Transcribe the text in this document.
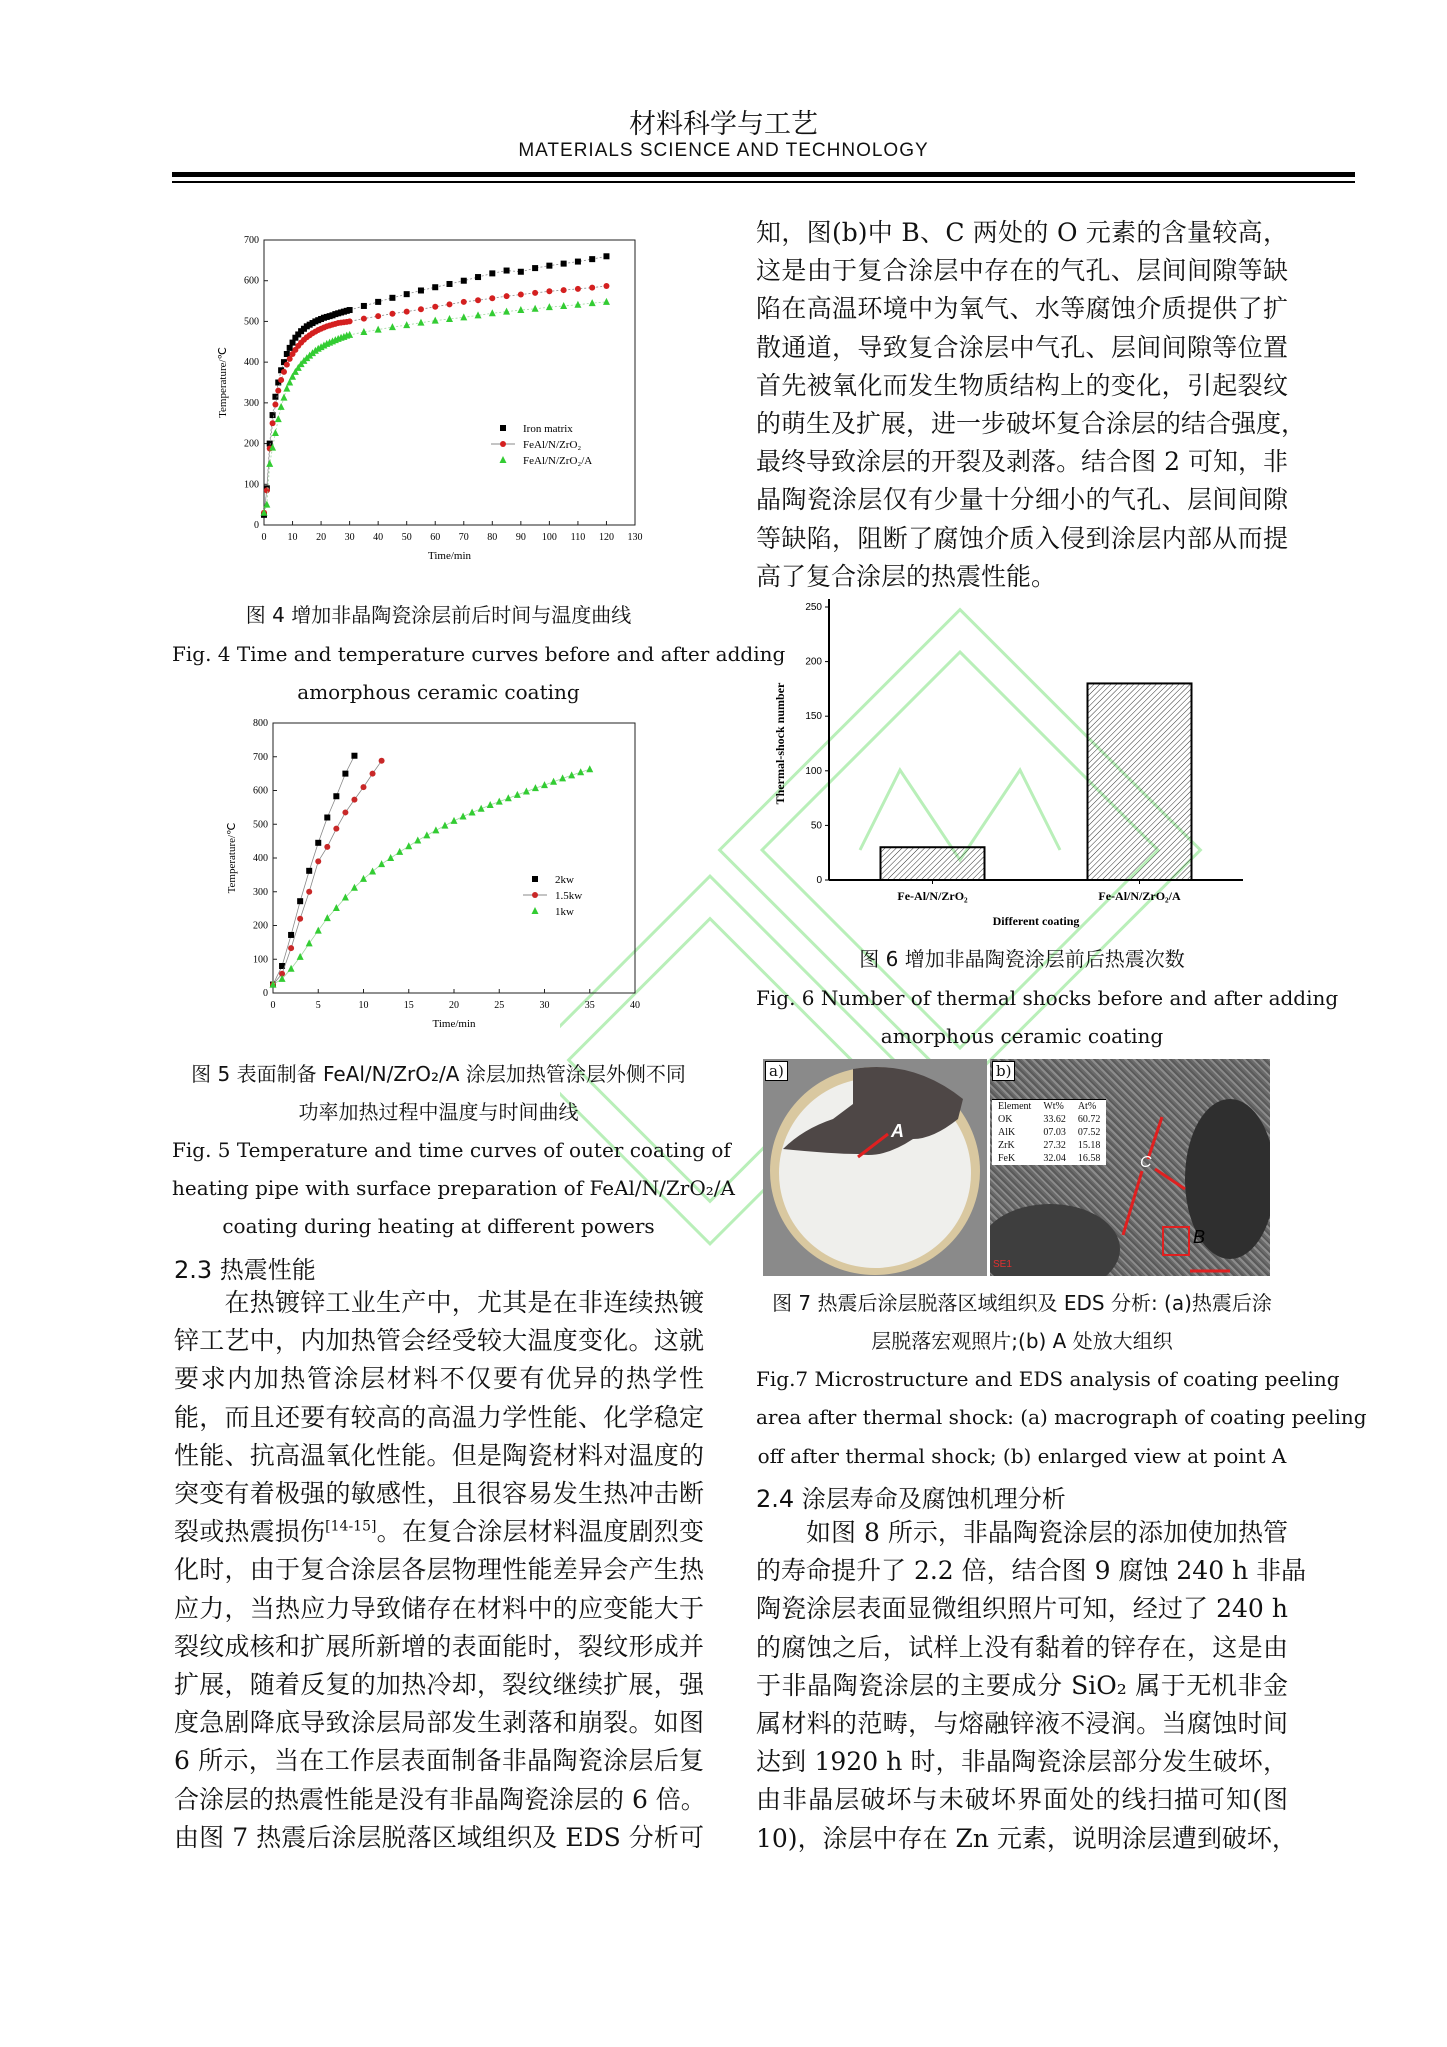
材料科学与工艺
MATERIALS SCIENCE AND TECHNOLOGY
0 10 20 30 40 50 60 70 80 90 100 110 120 130
0
100
200
300
400
500
600
700
Time/min
Temperature/℃
Iron matrix
FeAl/N/ZrO₂
FeAl/N/ZrO₂/A
0	5	10	15	20	25	30	35	40
0
100
200
300
400
500
600
700
800
Time/min
Temperature/℃	2kw
1.5kw
1kw
0
50
100
150
200
250
Fe-Al/N/ZrO₂	Fe-Al/N/ZrO₂/A
Different coating
Thermal-shock number
图 4 增加非晶陶瓷涂层前后时间与温度曲线
Fig. 4 Time and temperature curves before and after adding
amorphous ceramic coating
图 5 表面制备 FeAl/N/ZrO₂/A 涂层加热管涂层外侧不同
功率加热过程中温度与时间曲线
Fig. 5 Temperature and time curves of outer coating of
heating pipe with surface preparation of FeAl/N/ZrO₂/A
coating during heating at different powers
2.3 热震性能
　　在热镀锌工业生产中，尤其是在非连续热镀
锌工艺中，内加热管会经受较大温度变化。这就
要求内加热管涂层材料不仅要有优异的热学性
能，而且还要有较高的高温力学性能、化学稳定
性能、抗高温氧化性能。但是陶瓷材料对温度的
突变有着极强的敏感性，且很容易发生热冲击断
裂或热震损伤[14-15]。在复合涂层材料温度剧烈变
化时，由于复合涂层各层物理性能差异会产生热
应力，当热应力导致储存在材料中的应变能大于
裂纹成核和扩展所新增的表面能时，裂纹形成并
扩展，随着反复的加热冷却，裂纹继续扩展，强
度急剧降底导致涂层局部发生剥落和崩裂。如图
6 所示，当在工作层表面制备非晶陶瓷涂层后复
合涂层的热震性能是没有非晶陶瓷涂层的 6 倍。
由图 7 热震后涂层脱落区域组织及 EDS 分析可
知，图(b)中 B、C 两处的 O 元素的含量较高，
这是由于复合涂层中存在的气孔、层间间隙等缺
陷在高温环境中为氧气、水等腐蚀介质提供了扩
散通道，导致复合涂层中气孔、层间间隙等位置
首先被氧化而发生物质结构上的变化，引起裂纹
的萌生及扩展，进一步破坏复合涂层的结合强度，
最终导致涂层的开裂及剥落。结合图 2 可知，非
晶陶瓷涂层仅有少量十分细小的气孔、层间间隙
等缺陷，阻断了腐蚀介质入侵到涂层内部从而提
高了复合涂层的热震性能。
图 6 增加非晶陶瓷涂层前后热震次数
Fig. 6 Number of thermal shocks before and after adding
amorphous ceramic coating
a)
A
b)
Element	Wt%	At%
OK	33.62	60.72
AlK	07.03	07.52
ZrK	27.32	15.18
FeK	32.04	16.58 C
B
SE1
图 7 热震后涂层脱落区域组织及 EDS 分析: (a)热震后涂
层脱落宏观照片;(b) A 处放大组织
Fig.7 Microstructure and EDS analysis of coating peeling
area after thermal shock: (a) macrograph of coating peeling
off after thermal shock; (b) enlarged view at point A
2.4 涂层寿命及腐蚀机理分析
　　如图 8 所示，非晶陶瓷涂层的添加使加热管
的寿命提升了 2.2 倍，结合图 9 腐蚀 240 h 非晶
陶瓷涂层表面显微组织照片可知，经过了 240 h
的腐蚀之后，试样上没有黏着的锌存在，这是由
于非晶陶瓷涂层的主要成分 SiO₂ 属于无机非金
属材料的范畴，与熔融锌液不浸润。当腐蚀时间
达到 1920 h 时，非晶陶瓷涂层部分发生破坏，
由非晶层破坏与未破坏界面处的线扫描可知(图
10)，涂层中存在 Zn 元素，说明涂层遭到破坏，
